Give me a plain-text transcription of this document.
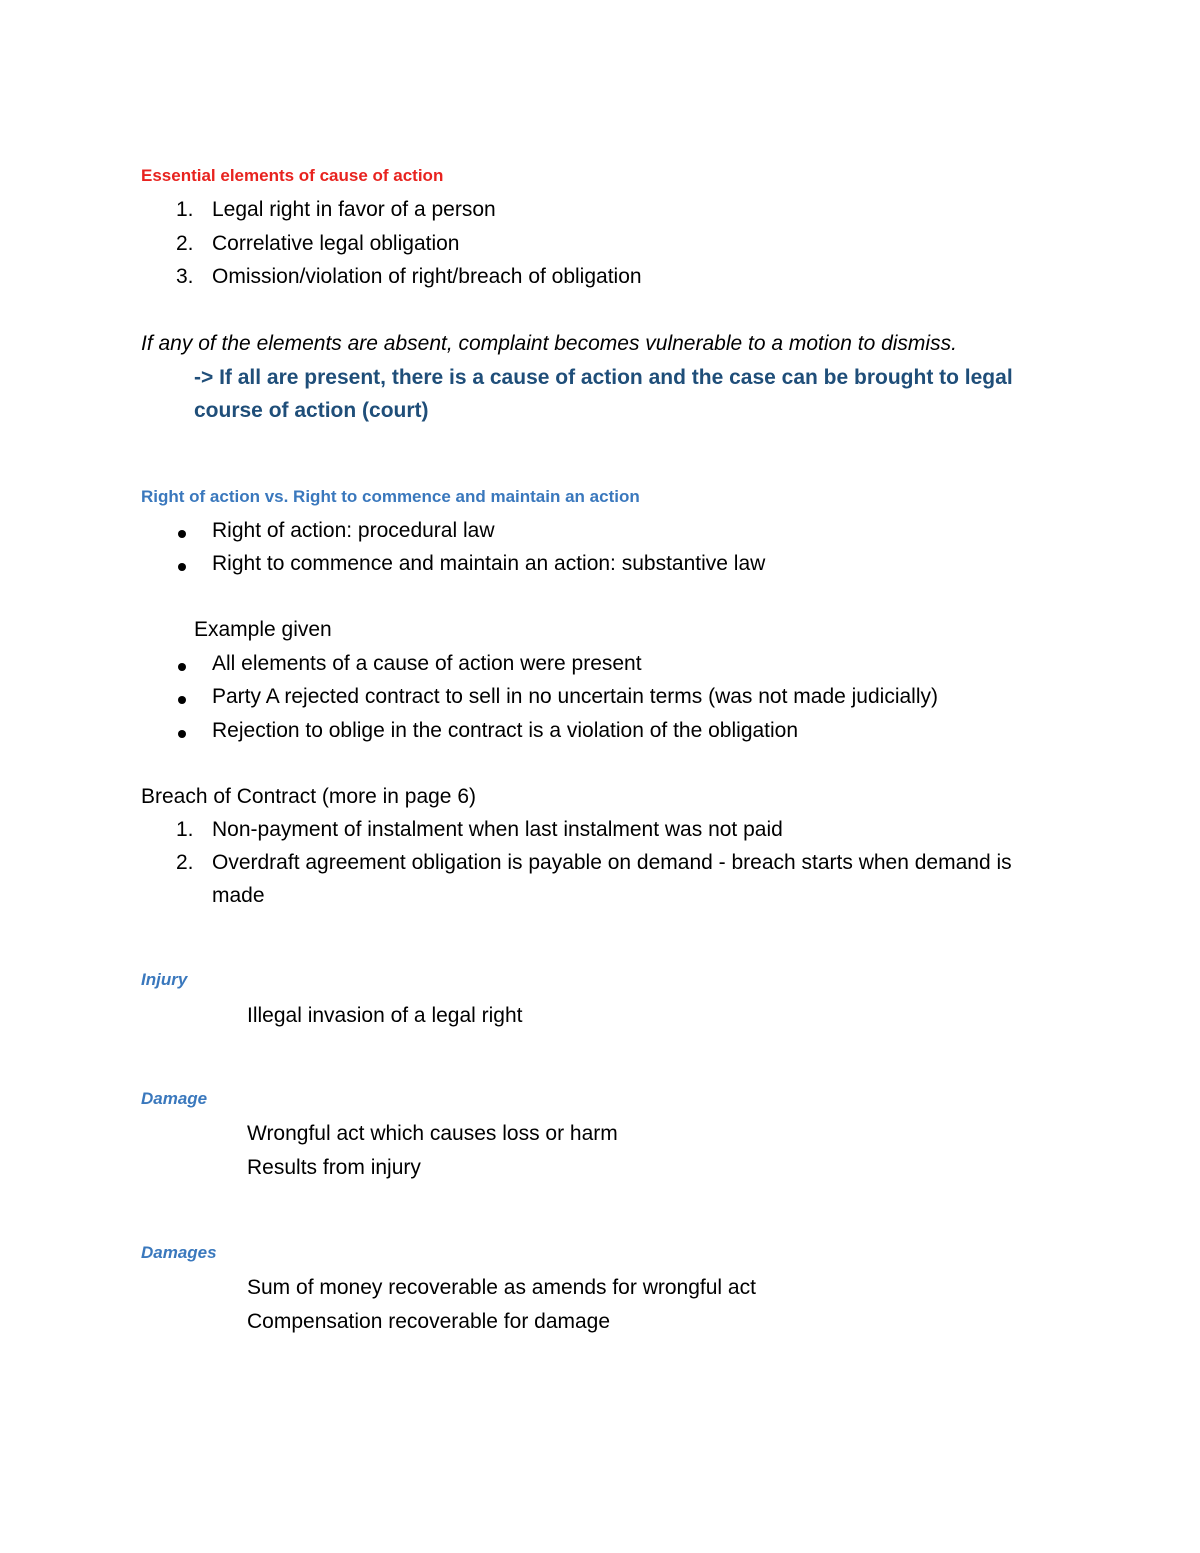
Essential elements of cause of action
1. Legal right in favor of a person
2. Correlative legal obligation
3. Omission/violation of right/breach of obligation
If any of the elements are absent, complaint becomes vulnerable to a motion to dismiss.
-> If all are present, there is a cause of action and the case can be brought to legal
course of action (court)
Right of action vs. Right to commence and maintain an action
Right of action: procedural law
Right to commence and maintain an action: substantive law
Example given
All elements of a cause of action were present
Party A rejected contract to sell in no uncertain terms (was not made judicially)
Rejection to oblige in the contract is a violation of the obligation
Breach of Contract (more in page 6)
1. Non-payment of instalment when last instalment was not paid
2. Overdraft agreement obligation is payable on demand - breach starts when demand is
made
Injury
Illegal invasion of a legal right
Damage
Wrongful act which causes loss or harm
Results from injury
Damages
Sum of money recoverable as amends for wrongful act
Compensation recoverable for damage
